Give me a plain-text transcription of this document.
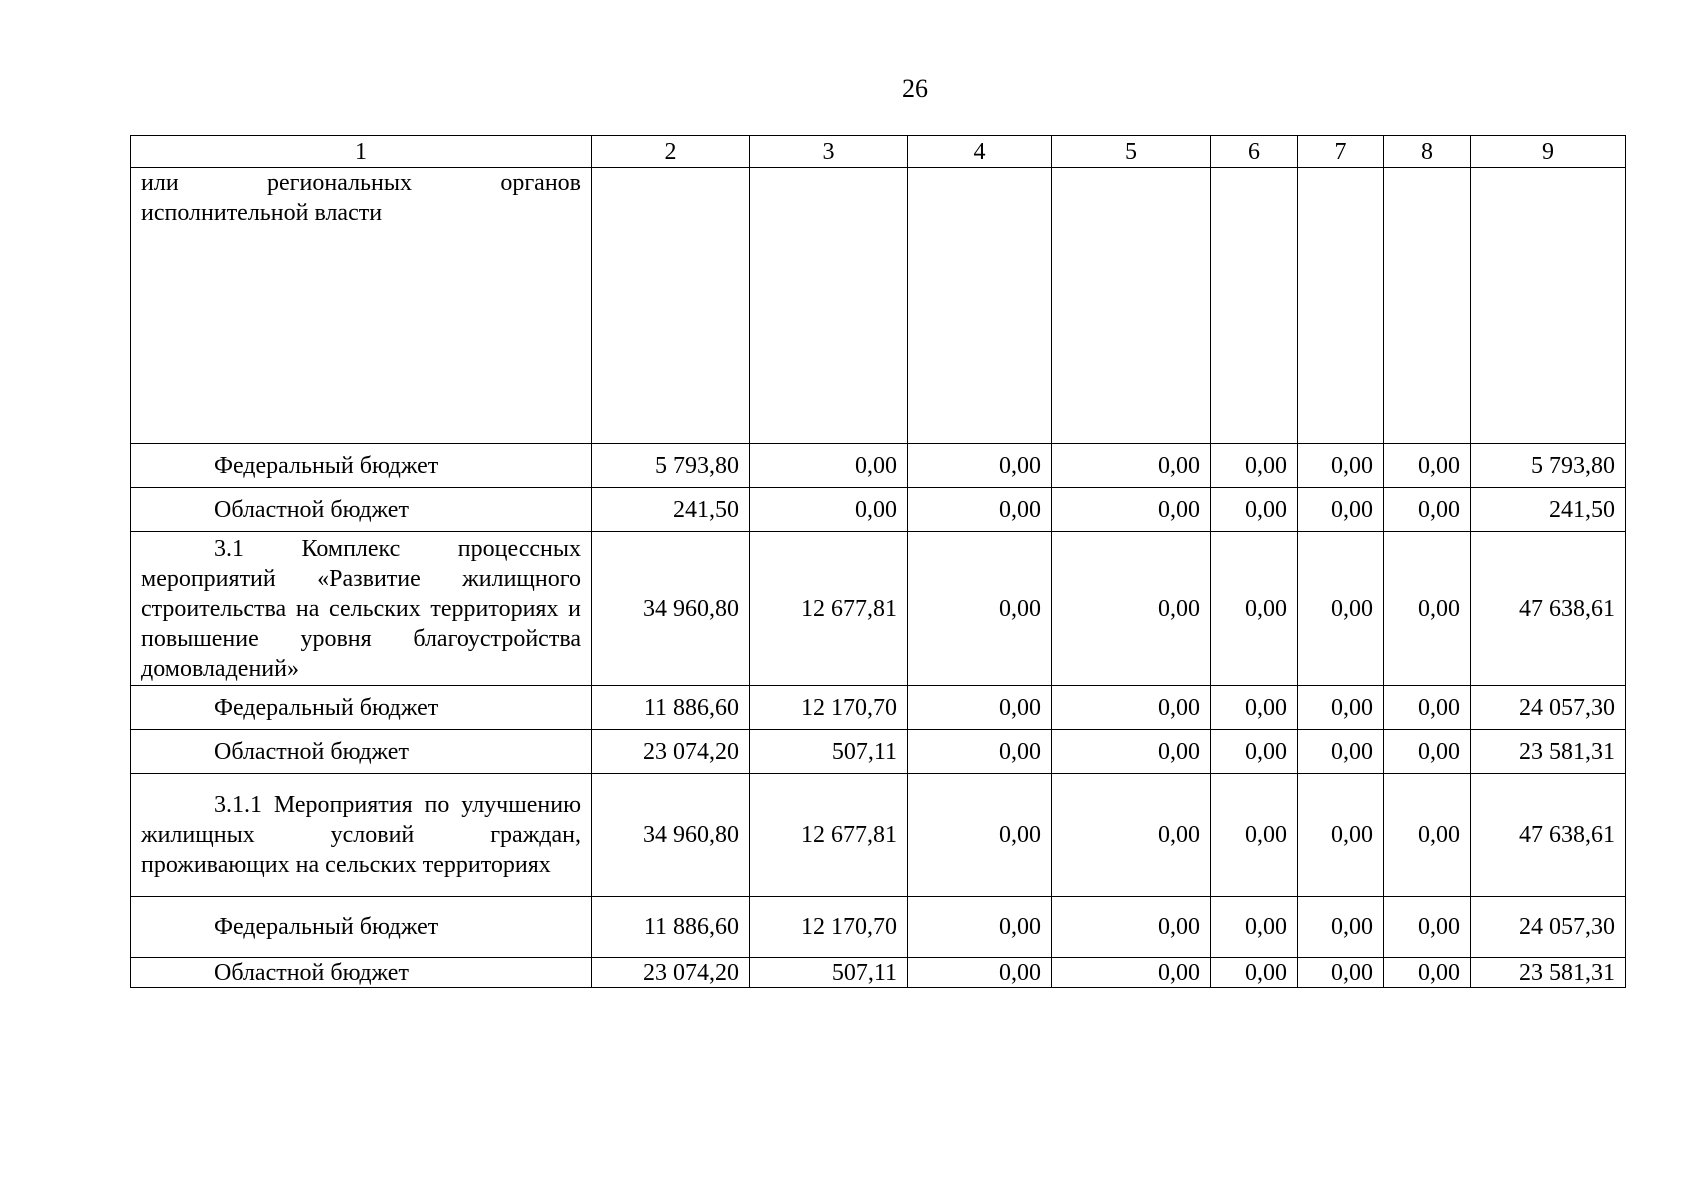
26
1	2	3	4	5	6	7	8	9
или региональных органов исполнительной власти								
Федеральный бюджет	5 793,80	0,00	0,00	0,00	0,00	0,00	0,00	5 793,80
Областной бюджет	241,50	0,00	0,00	0,00	0,00	0,00	0,00	241,50
3.1 Комплекс процессных мероприятий «Развитие жилищного строительства на сельских территориях и повышение уровня благоустройства домовладений»	34 960,80	12 677,81	0,00	0,00	0,00	0,00	0,00	47 638,61
Федеральный бюджет	11 886,60	12 170,70	0,00	0,00	0,00	0,00	0,00	24 057,30
Областной бюджет	23 074,20	507,11	0,00	0,00	0,00	0,00	0,00	23 581,31
3.1.1 Мероприятия по улучшению жилищных условий граждан, проживающих на сельских территориях	34 960,80	12 677,81	0,00	0,00	0,00	0,00	0,00	47 638,61
Федеральный бюджет	11 886,60	12 170,70	0,00	0,00	0,00	0,00	0,00	24 057,30
Областной бюджет	23 074,20	507,11	0,00	0,00	0,00	0,00	0,00	23 581,31
